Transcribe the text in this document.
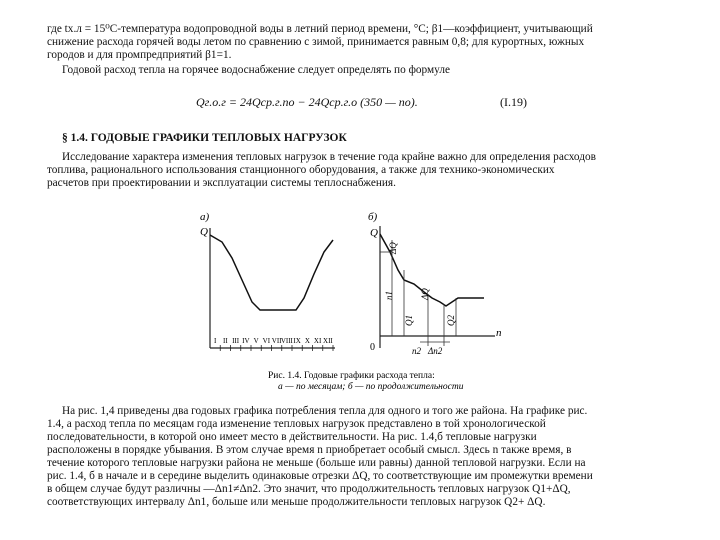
где tх.л = 15⁰С-температура водопроводной воды в летний период времени, °С; β1—коэффициент, учитывающий
снижение расхода горячей воды летом по сравнению с зимой, принимается равным 0,8; для курортных, южных
городов и для промпредприятий β1=1.
Годовой расход тепла на горячее водоснабжение следует определять по формуле
Qг.о.г = 24Qср.г.nо − 24Qср.г.о (350 — nо).	(I.19)
§ 1.4. ГОДОВЫЕ ГРАФИКИ ТЕПЛОВЫХ НАГРУЗОК
Исследование характера изменения тепловых нагрузок в течение года крайне важно для определения расходов
топлива, рационального использования станционного оборудования, а также для технико-экономических
расчетов при проектировании и эксплуатации системы теплоснабжения.
а)
Q
I II III IV V VI VII VIII IX X XI XII
б)
Q
0
n
ΔQ
ΔQ
n1
Q1	Q2
n2 Δn2
Рис. 1.4. Годовые графики расхода тепла:
а — по месяцам; б — по продолжительности
На рис. 1,4 приведены два годовых графика потребления тепла для одного и того же района. На графике рис.
1.4, а расход тепла по месяцам года изменение тепловых нагрузок представлено в той хронологической
последовательности, в которой оно имеет место в действительности. На рис. 1.4,б тепловые нагрузки
расположены в порядке убывания. В этом случае время n приобретает особый смысл. Здесь n также время, в
течение которого тепловые нагрузки района не меньше (больше или равны) данной тепловой нагрузки. Если на
рис. 1.4, б в начале и в середине выделить одинаковые отрезки ΔQ, то соответствующие им промежутки времени
в общем случае будут различны —Δn1≠Δn2. Это значит, что продолжительность тепловых нагрузок Q1+ΔQ,
соответствующих интервалу Δn1, больше или меньше продолжительности тепловых нагрузок Q2+ ΔQ.
